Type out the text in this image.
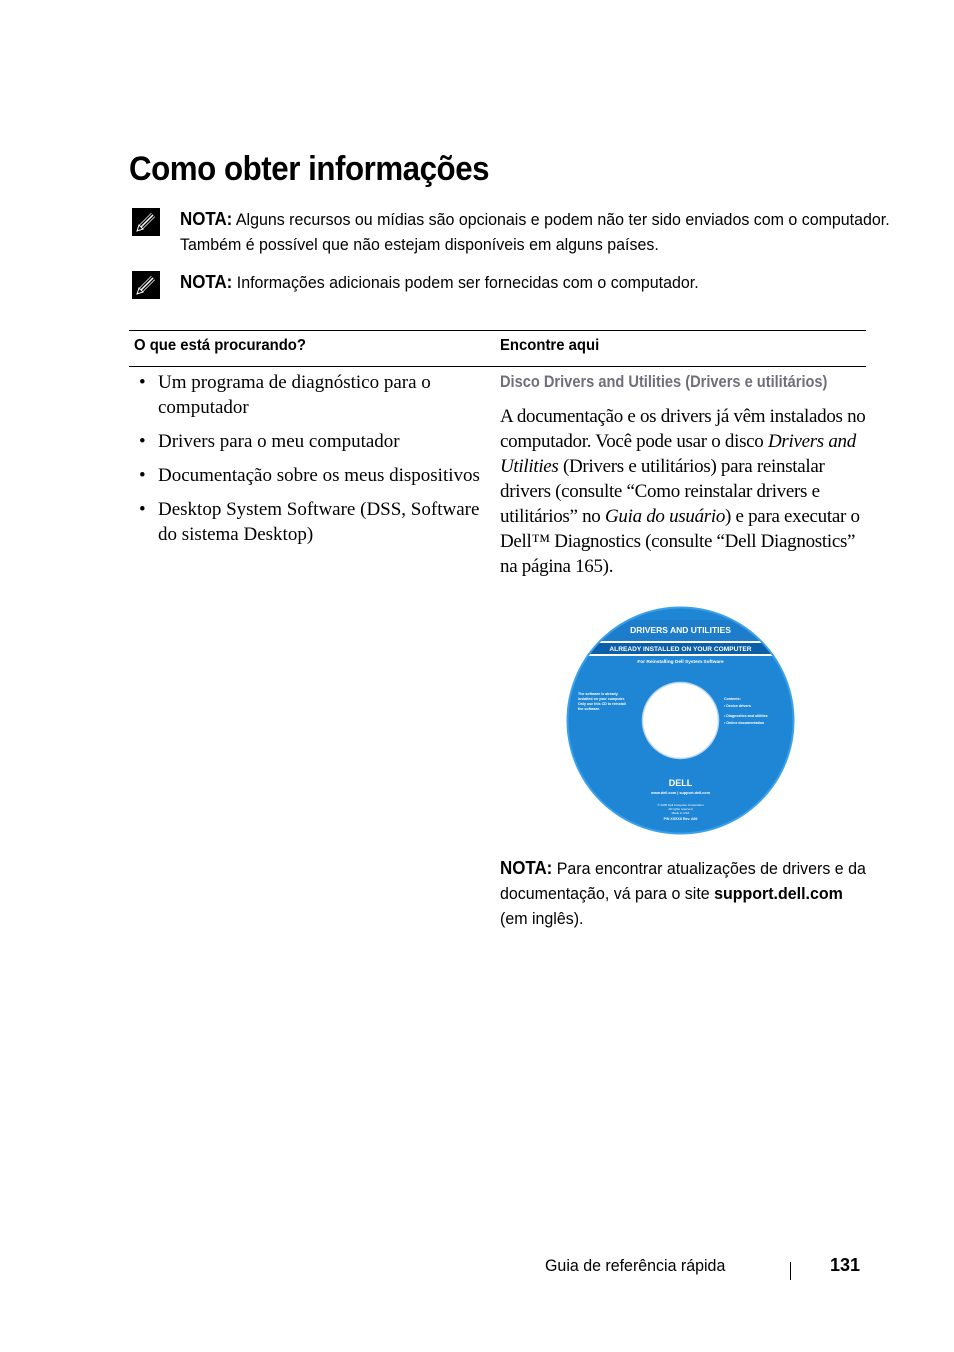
Como obter informações
NOTA: Alguns recursos ou mídias são opcionais e podem não ter sido enviados com o computador. Também é possível que não estejam disponíveis em alguns países.
NOTA: Informações adicionais podem ser fornecidas com o computador.
O que está procurando?	Encontre aqui
• Um programa de diagnóstico para o computador
• Drivers para o meu computador
• Documentação sobre os meus dispositivos
• Desktop System Software (DSS, Software do sistema Desktop)
Disco Drivers and Utilities (Drivers e utilitários)
A documentação e os drivers já vêm instalados no computador. Você pode usar o disco Drivers and Utilities (Drivers e utilitários) para reinstalar drivers (consulte “Como reinstalar drivers e utilitários” no Guia do usuário) e para executar o Dell™ Diagnostics (consulte “Dell Diagnostics” na página 165).
DRIVERS AND UTILITIES
ALREADY INSTALLED ON YOUR COMPUTER
For Reinstalling Dell System Software
The software is already
installed on your computer.
Only use this CD to reinstall
the software.
Contents:
• Device drivers
• Diagnostics and utilities
• Online documentation
DELL
www.dell.com | support.dell.com
© 2005 Dell Computer Corporation
All rights reserved
Made in USA
P/N XXXXX Rev. A00
NOTA: Para encontrar atualizações de drivers e da documentação, vá para o site support.dell.com (em inglês).
Guia de referência rápida	131
